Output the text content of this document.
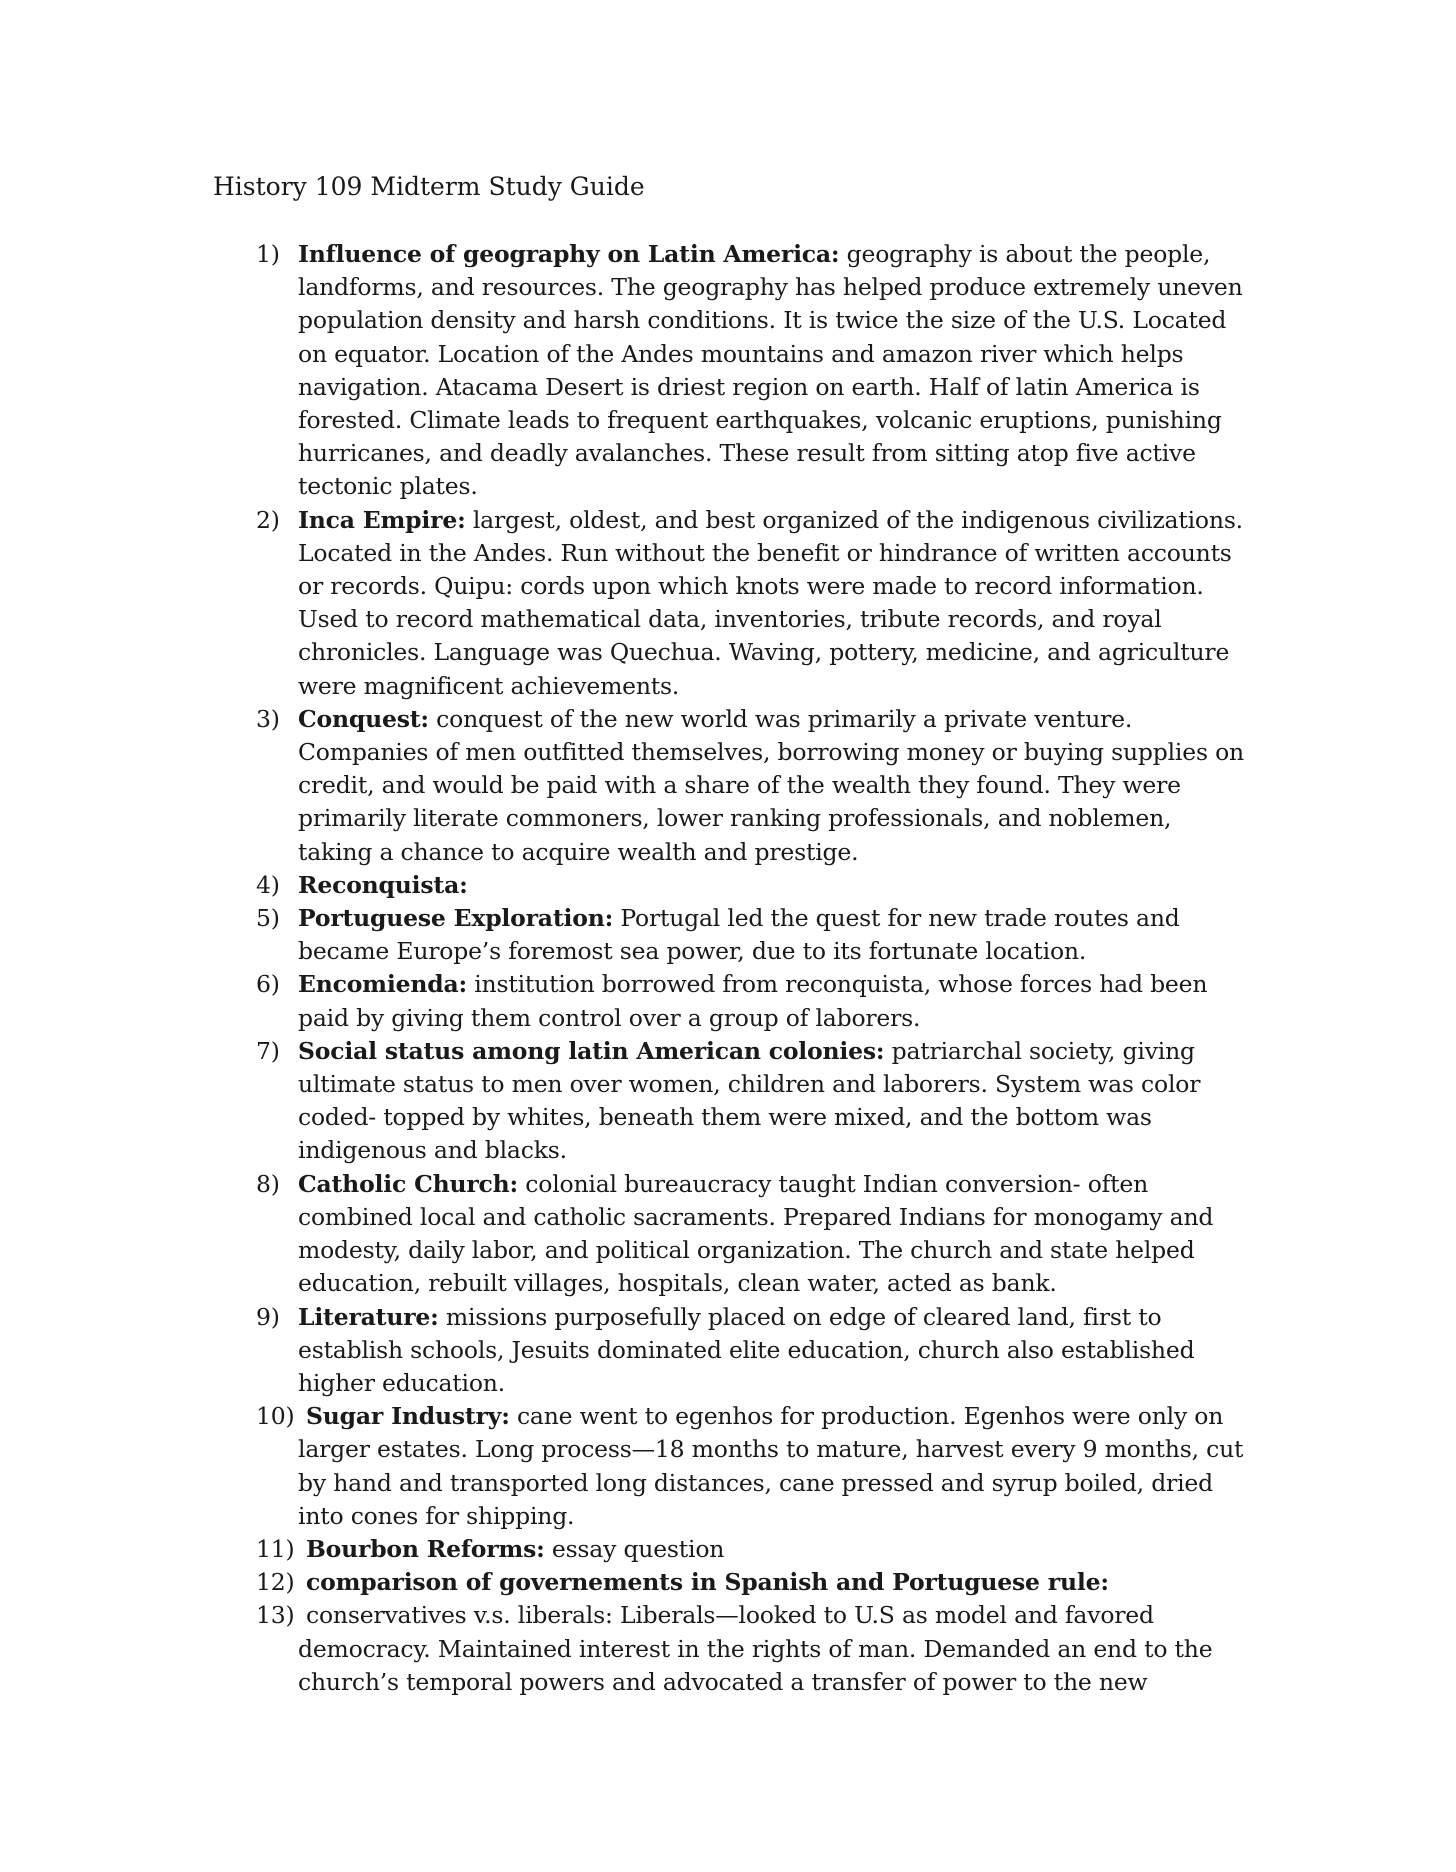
History 109 Midterm Study Guide
1) Influence of geography on Latin America: geography is about the people, landforms, and resources. The geography has helped produce extremely uneven population density and harsh conditions. It is twice the size of the U.S. Located on equator. Location of the Andes mountains and amazon river which helps navigation. Atacama Desert is driest region on earth. Half of latin America is forested. Climate leads to frequent earthquakes, volcanic eruptions, punishing hurricanes, and deadly avalanches. These result from sitting atop five active tectonic plates.
2) Inca Empire: largest, oldest, and best organized of the indigenous civilizations. Located in the Andes. Run without the benefit or hindrance of written accounts or records. Quipu: cords upon which knots were made to record information. Used to record mathematical data, inventories, tribute records, and royal chronicles. Language was Quechua. Waving, pottery, medicine, and agriculture were magnificent achievements.
3) Conquest: conquest of the new world was primarily a private venture. Companies of men outfitted themselves, borrowing money or buying supplies on credit, and would be paid with a share of the wealth they found. They were primarily literate commoners, lower ranking professionals, and noblemen, taking a chance to acquire wealth and prestige.
4) Reconquista:
5) Portuguese Exploration: Portugal led the quest for new trade routes and became Europe’s foremost sea power, due to its fortunate location.
6) Encomienda: institution borrowed from reconquista, whose forces had been paid by giving them control over a group of laborers.
7) Social status among latin American colonies: patriarchal society, giving ultimate status to men over women, children and laborers. System was color coded- topped by whites, beneath them were mixed, and the bottom was indigenous and blacks.
8) Catholic Church: colonial bureaucracy taught Indian conversion- often combined local and catholic sacraments. Prepared Indians for monogamy and modesty, daily labor, and political organization. The church and state helped education, rebuilt villages, hospitals, clean water, acted as bank.
9) Literature: missions purposefully placed on edge of cleared land, first to establish schools, Jesuits dominated elite education, church also established higher education.
10) Sugar Industry: cane went to egenhos for production. Egenhos were only on larger estates. Long process—18 months to mature, harvest every 9 months, cut by hand and transported long distances, cane pressed and syrup boiled, dried into cones for shipping.
11) Bourbon Reforms: essay question
12) comparison of governements in Spanish and Portuguese rule:
13) conservatives v.s. liberals: Liberals—looked to U.S as model and favored democracy. Maintained interest in the rights of man. Demanded an end to the church’s temporal powers and advocated a transfer of power to the new
